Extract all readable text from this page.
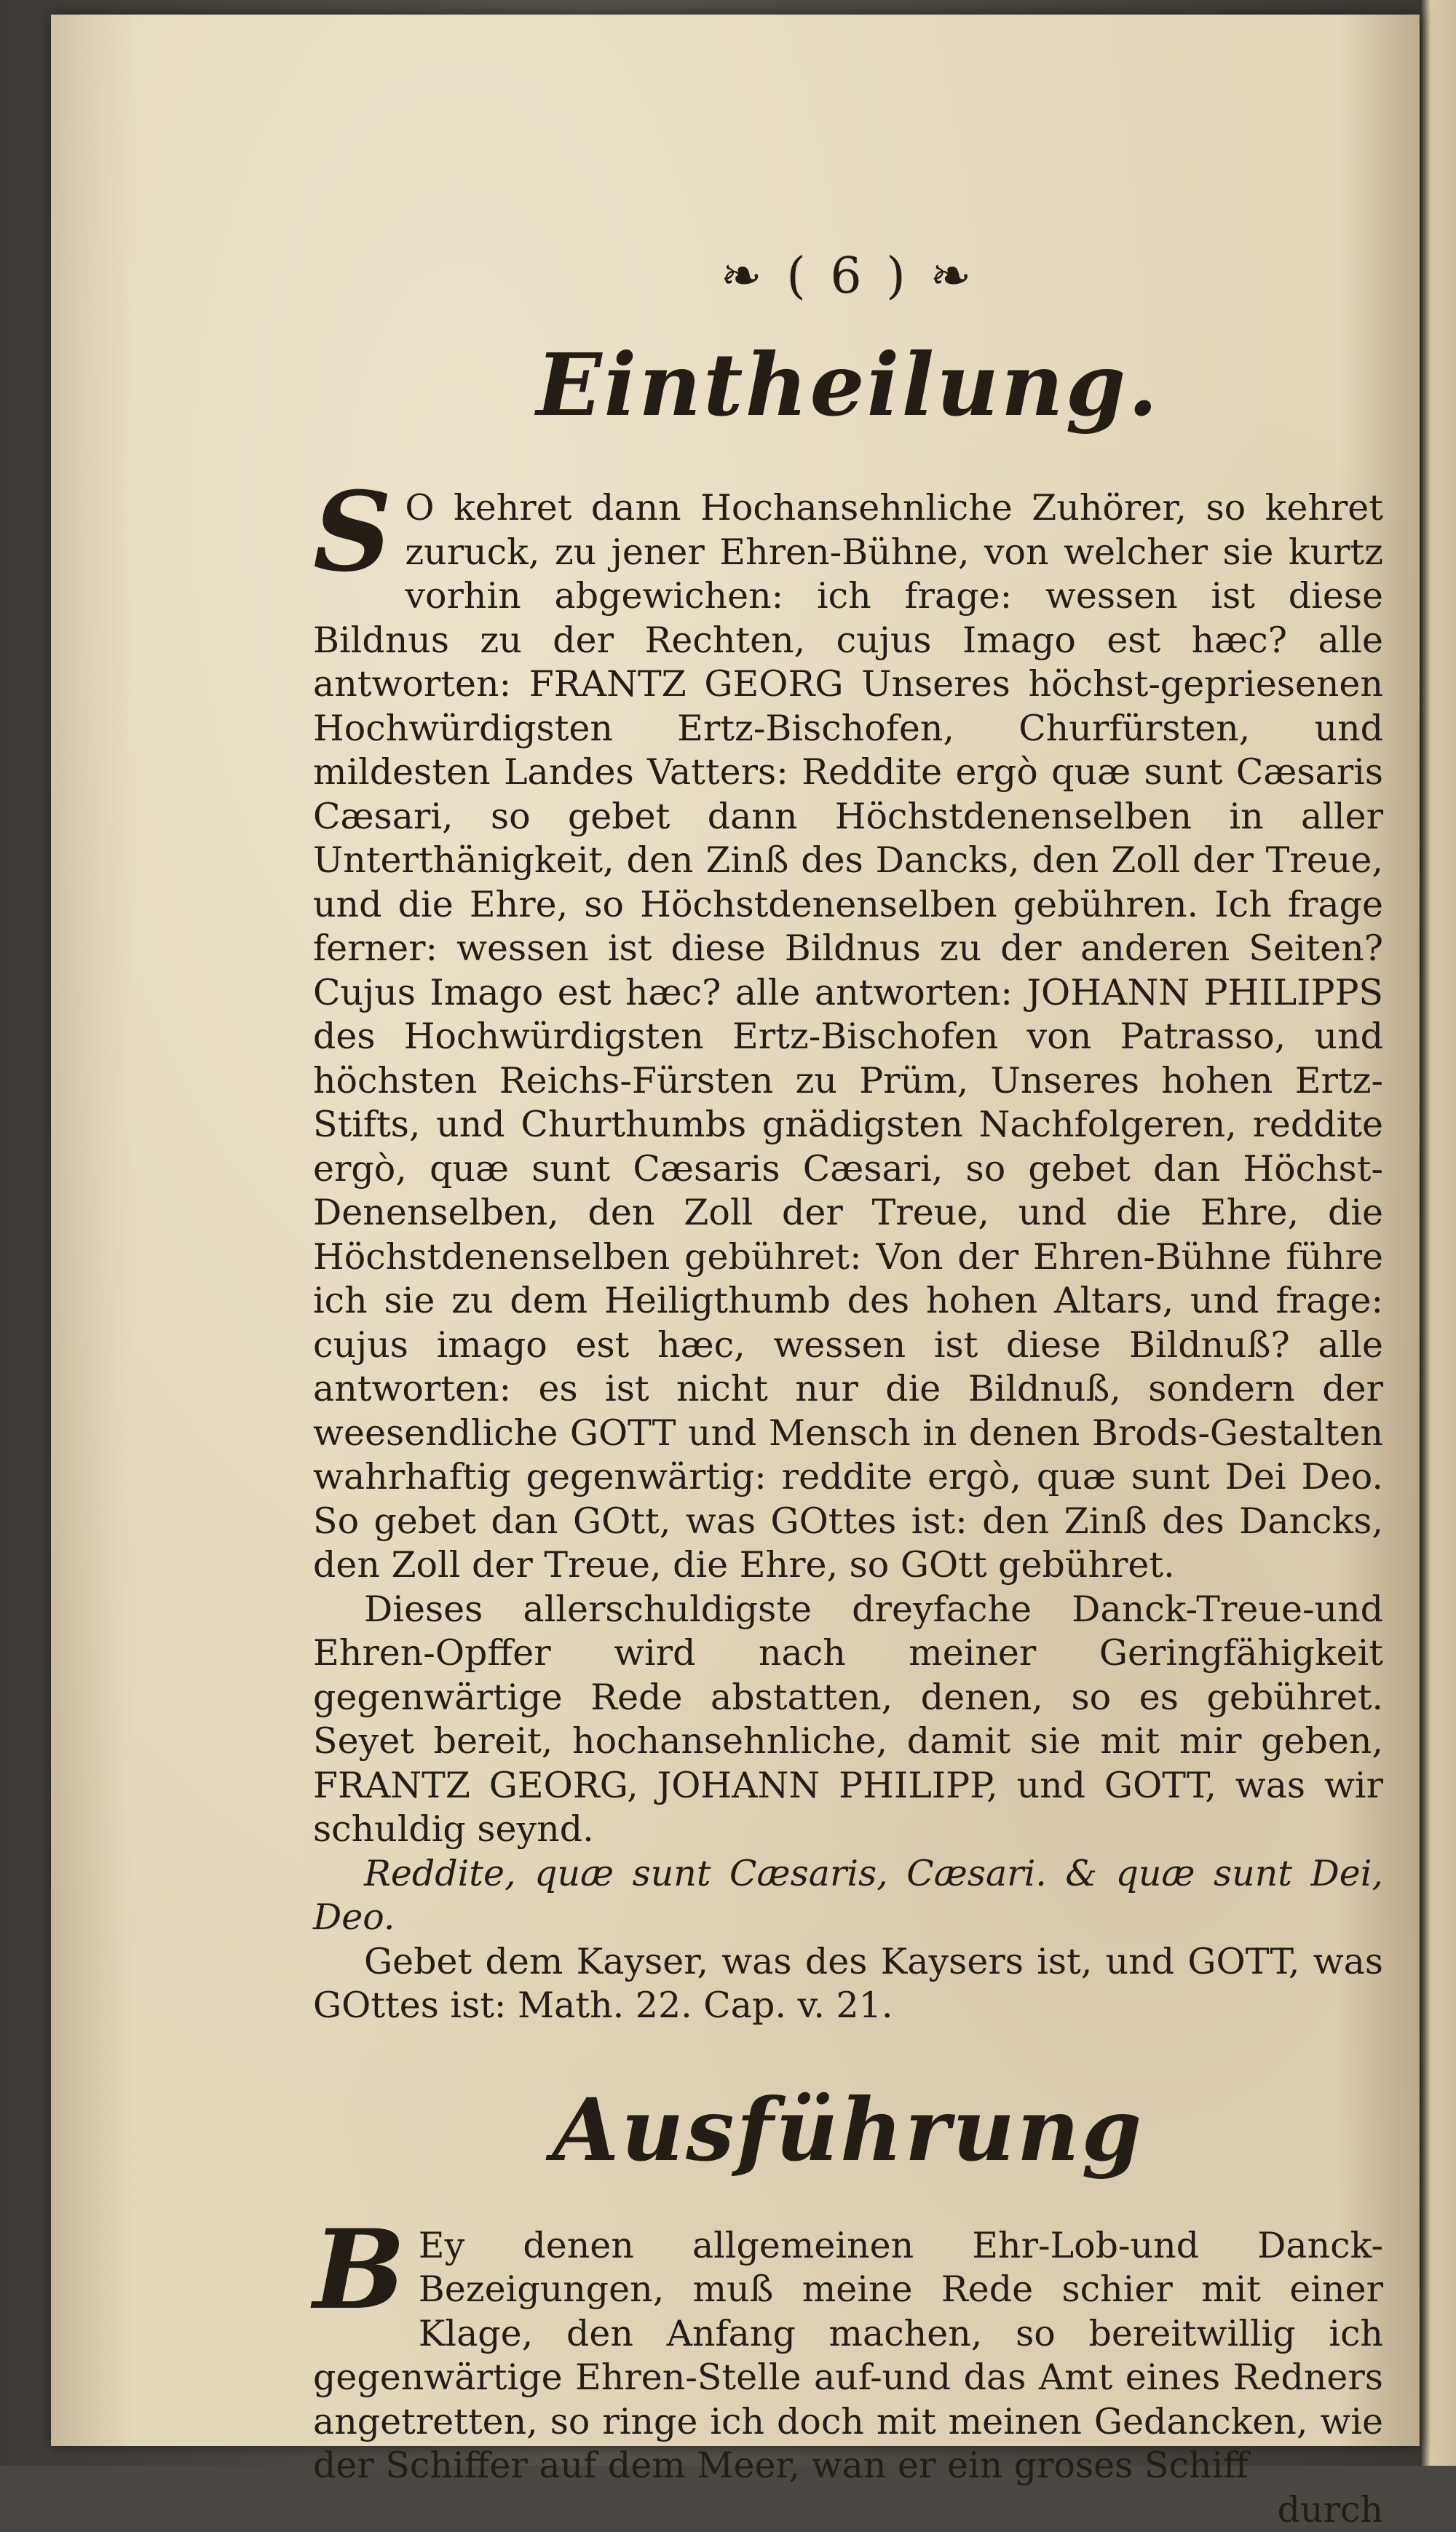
❧ ( 6 ) ❧
Eintheilung.

S O kehret dann Hochansehnliche Zuhörer, so kehret zuruck, zu jener Ehren-Bühne, von welcher sie kurtz vorhin abgewichen: ich frage: wessen ist diese Bildnus zu der Rechten, cujus Imago est hæc? alle antworten: FRANTZ GEORG Unseres höchst-gepriesenen Hochwürdigsten Ertz-Bischofen, Churfürsten, und mildesten Landes Vatters: Reddite ergò quæ sunt Cæsaris Cæsari, so gebet dann Höchstdenenselben in aller Unterthänigkeit, den Zinß des Dancks, den Zoll der Treue, und die Ehre, so Höchstdenenselben gebühren. Ich frage ferner: wessen ist diese Bildnus zu der anderen Seiten? Cujus Imago est hæc? alle antworten: JOHANN PHILIPPS des Hochwürdigsten Ertz-Bischofen von Patrasso, und höchsten Reichs-Fürsten zu Prüm, Unseres hohen Ertz-Stifts, und Churthumbs gnädigsten Nachfolgeren, reddite ergò, quæ sunt Cæsaris Cæsari, so gebet dan Höchst-Denenselben, den Zoll der Treue, und die Ehre, die Höchstdenenselben gebühret: Von der Ehren-Bühne führe ich sie zu dem Heiligthumb des hohen Altars, und frage: cujus imago est hæc, wessen ist diese Bildnuß? alle antworten: es ist nicht nur die Bildnuß, sondern der weesendliche GOTT und Mensch in denen Brods-Gestalten wahrhaftig gegenwärtig: reddite ergò, quæ sunt Dei Deo. So gebet dan GOtt, was GOttes ist: den Zinß des Dancks, den Zoll der Treue, die Ehre, so GOtt gebühret.

Dieses allerschuldigste dreyfache Danck-Treue-und Ehren-Opffer wird nach meiner Geringfähigkeit gegenwärtige Rede abstatten, denen, so es gebühret. Seyet bereit, hochansehnliche, damit sie mit mir geben, FRANTZ GEORG, JOHANN PHILIPP, und GOTT, was wir schuldig seynd.

Reddite, quæ sunt Cæsaris, Cæsari. & quæ sunt Dei, Deo.

Gebet dem Kayser, was des Kaysers ist, und GOTT, was GOttes ist: Math. 22. Cap. v. 21.

Ausführung

B Ey denen allgemeinen Ehr-Lob-und Danck-Bezeigungen, muß meine Rede schier mit einer Klage, den Anfang machen, so bereitwillig ich gegenwärtige Ehren-Stelle auf-und das Amt eines Redners angetretten, so ringe ich doch mit meinen Gedancken, wie der Schiffer auf dem Meer, wan er ein groses Schiff

durch
